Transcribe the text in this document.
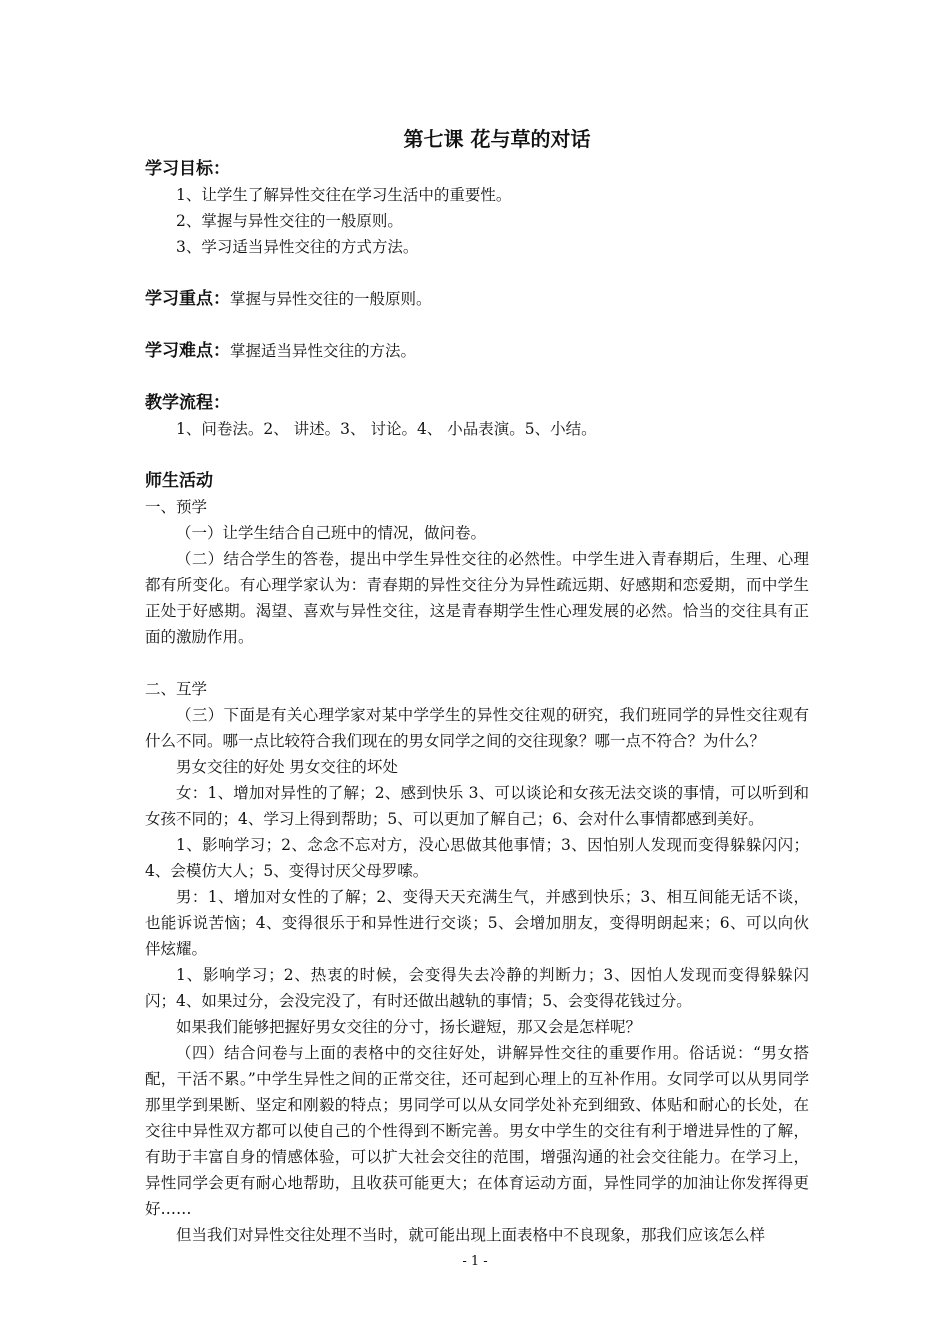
第七课 花与草的对话
学习目标：
1、让学生了解异性交往在学习生活中的重要性。
2、掌握与异性交往的一般原则。
3、学习适当异性交往的方式方法。

学习重点：掌握与异性交往的一般原则。

学习难点：掌握适当异性交往的方法。

教学流程：
1、问卷法。2、 讲述。3、 讨论。4、 小品表演。5、小结。
师生活动

一、预学

（一）让学生结合自己班中的情况，做问卷。

（二）结合学生的答卷，提出中学生异性交往的必然性。中学生进入青春期后，生理、心理都有所变化。有心理学家认为：青春期的异性交往分为异性疏远期、好感期和恋爱期，而中学生正处于好感期。渴望、喜欢与异性交往，这是青春期学生性心理发展的必然。恰当的交往具有正面的激励作用。

二、互学

（三）下面是有关心理学家对某中学学生的异性交往观的研究，我们班同学的异性交往观有什么不同。哪一点比较符合我们现在的男女同学之间的交往现象？哪一点不符合？为什么？

男女交往的好处 男女交往的坏处

女：1、增加对异性的了解；2、感到快乐 3、可以谈论和女孩无法交谈的事情，可以听到和女孩不同的；4、学习上得到帮助；5、可以更加了解自己；6、会对什么事情都感到美好。

1、影响学习；2、念念不忘对方，没心思做其他事情；3、因怕别人发现而变得躲躲闪闪；4、会模仿大人；5、变得讨厌父母罗嗦。

男：1、增加对女性的了解；2、变得天天充满生气，并感到快乐；3、相互间能无话不谈，也能诉说苦恼；4、变得很乐于和异性进行交谈；5、会增加朋友，变得明朗起来；6、可以向伙伴炫耀。

1、影响学习；2、热衷的时候，会变得失去冷静的判断力；3、因怕人发现而变得躲躲闪闪；4、如果过分，会没完没了，有时还做出越轨的事情；5、会变得花钱过分。

如果我们能够把握好男女交往的分寸，扬长避短，那又会是怎样呢？

（四）结合问卷与上面的表格中的交往好处，讲解异性交往的重要作用。俗话说：“男女搭配，干活不累。”中学生异性之间的正常交往，还可起到心理上的互补作用。女同学可以从男同学那里学到果断、坚定和刚毅的特点；男同学可以从女同学处补充到细致、体贴和耐心的长处，在交往中异性双方都可以使自己的个性得到不断完善。男女中学生的交往有利于增进异性的了解，有助于丰富自身的情感体验，可以扩大社会交往的范围，增强沟通的社会交往能力。在学习上，异性同学会更有耐心地帮助，且收获可能更大；在体育运动方面，异性同学的加油让你发挥得更好……

但当我们对异性交往处理不当时，就可能出现上面表格中不良现象，那我们应该怎么样

- 1 -
